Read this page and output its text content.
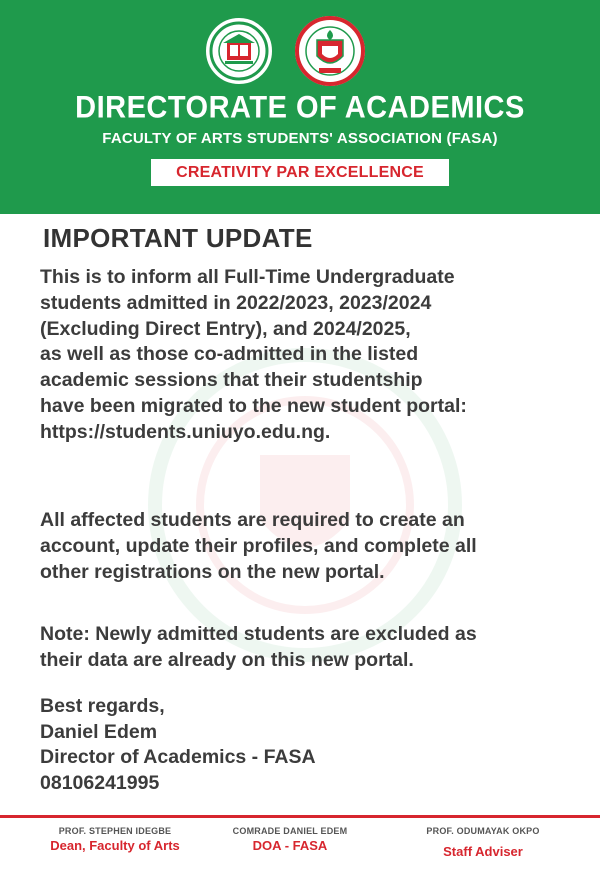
DIRECTORATE OF ACADEMICS
FACULTY OF ARTS STUDENTS' ASSOCIATION (FASA)
CREATIVITY PAR EXCELLENCE
IMPORTANT UPDATE

This is to inform all Full-Time Undergraduate
students admitted in 2022/2023, 2023/2024
(Excluding Direct Entry), and 2024/2025,
as well as those co-admitted in the listed
academic sessions that their studentship
have been migrated to the new student portal:
https://students.uniuyo.edu.ng.

All affected students are required to create an
account, update their profiles, and complete all
other registrations on the new portal.

Note: Newly admitted students are excluded as
their data are already on this new portal.

Best regards,
Daniel Edem
Director of Academics - FASA
08106241995

PROF. STEPHEN IDEGBE
Dean, Faculty of Arts
COMRADE DANIEL EDEM
DOA - FASA
PROF. ODUMAYAK OKPO
Staff Adviser
